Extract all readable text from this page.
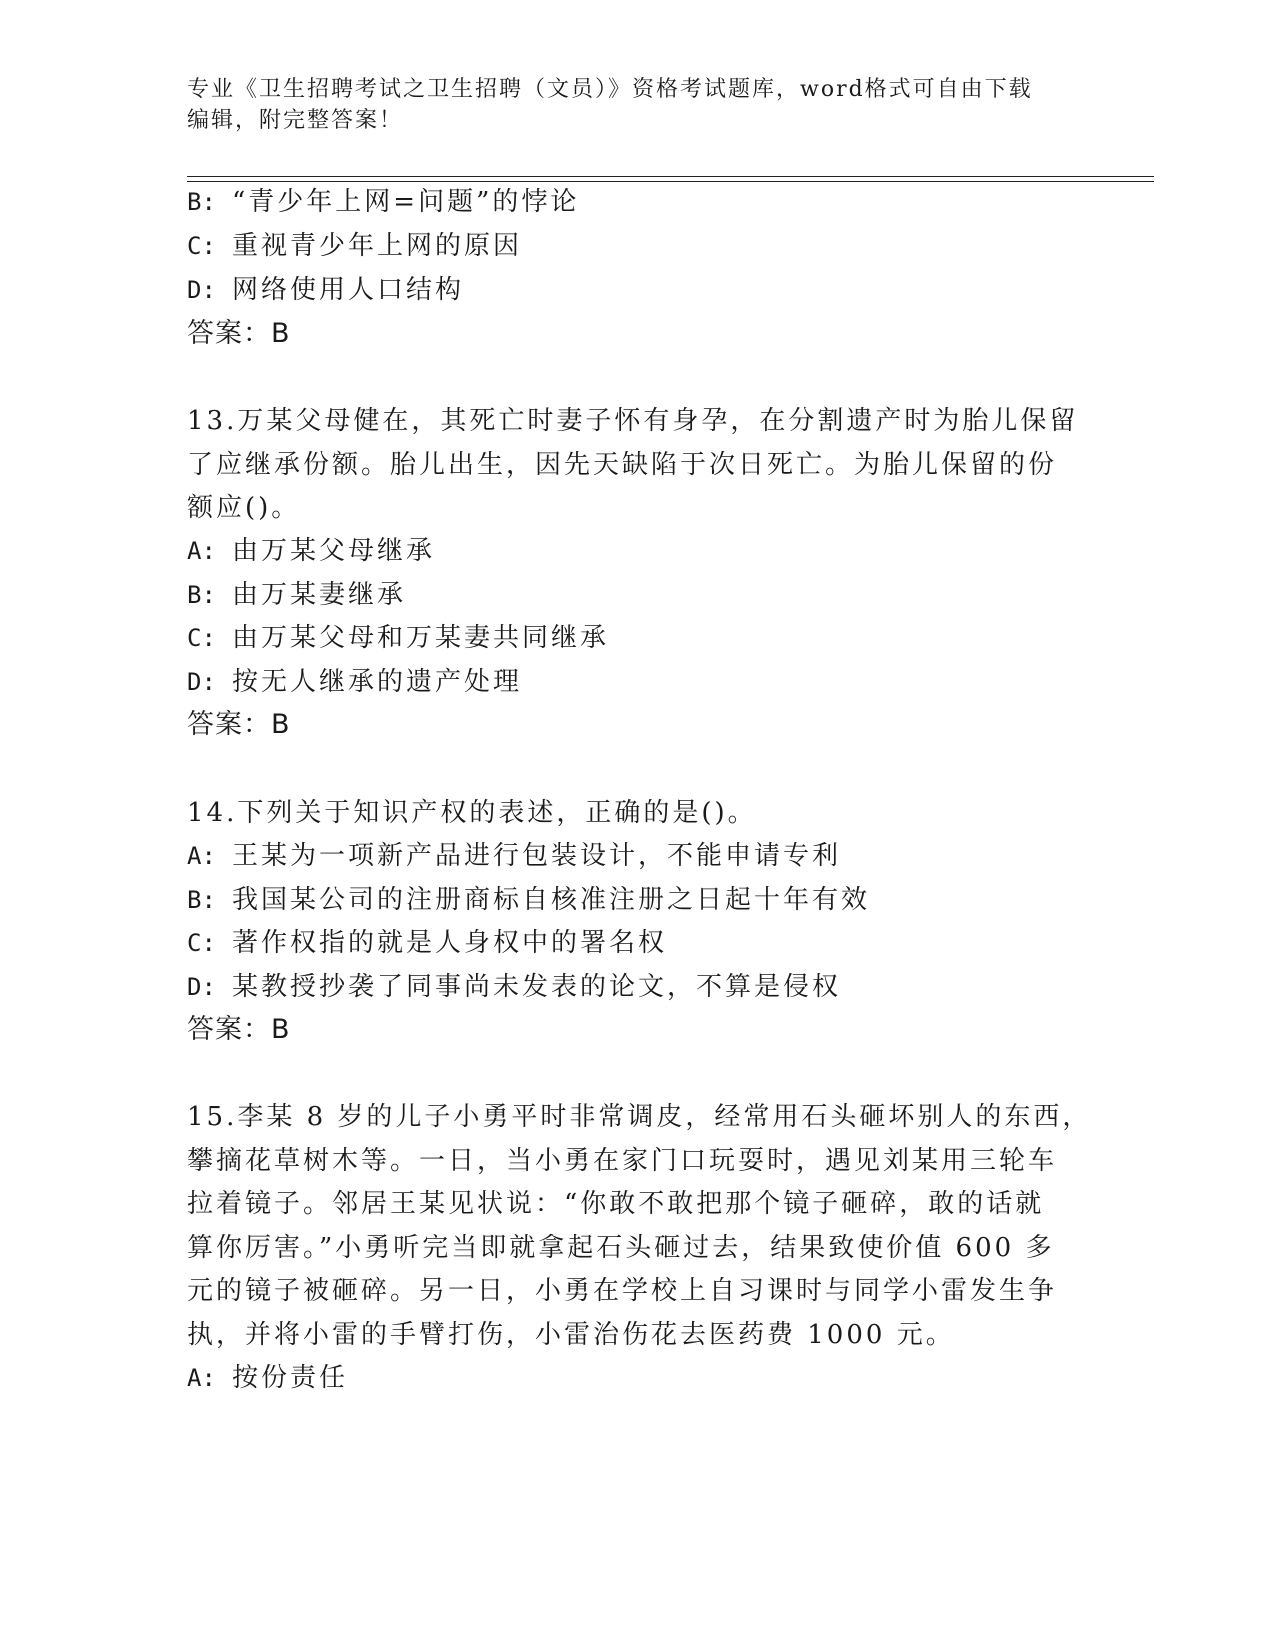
专业《卫生招聘考试之卫生招聘（文员）》资格考试题库，word格式可自由下载
编辑，附完整答案！
B: “青少年上网=问题”的悖论
C: 重视青少年上网的原因
D: 网络使用人口结构
答案：B
13.万某父母健在，其死亡时妻子怀有身孕，在分割遗产时为胎儿保留
了应继承份额。胎儿出生，因先天缺陷于次日死亡。为胎儿保留的份
额应()。
A: 由万某父母继承
B: 由万某妻继承
C: 由万某父母和万某妻共同继承
D: 按无人继承的遗产处理
答案：B
14.下列关于知识产权的表述，正确的是()。
A: 王某为一项新产品进行包装设计，不能申请专利
B: 我国某公司的注册商标自核准注册之日起十年有效
C: 著作权指的就是人身权中的署名权
D: 某教授抄袭了同事尚未发表的论文，不算是侵权
答案：B
15.李某 8 岁的儿子小勇平时非常调皮，经常用石头砸坏别人的东西，
攀摘花草树木等。一日，当小勇在家门口玩耍时，遇见刘某用三轮车
拉着镜子。邻居王某见状说：“你敢不敢把那个镜子砸碎，敢的话就
算你厉害。”小勇听完当即就拿起石头砸过去，结果致使价值 600 多
元的镜子被砸碎。另一日，小勇在学校上自习课时与同学小雷发生争
执，并将小雷的手臂打伤，小雷治伤花去医药费 1000 元。
A: 按份责任
